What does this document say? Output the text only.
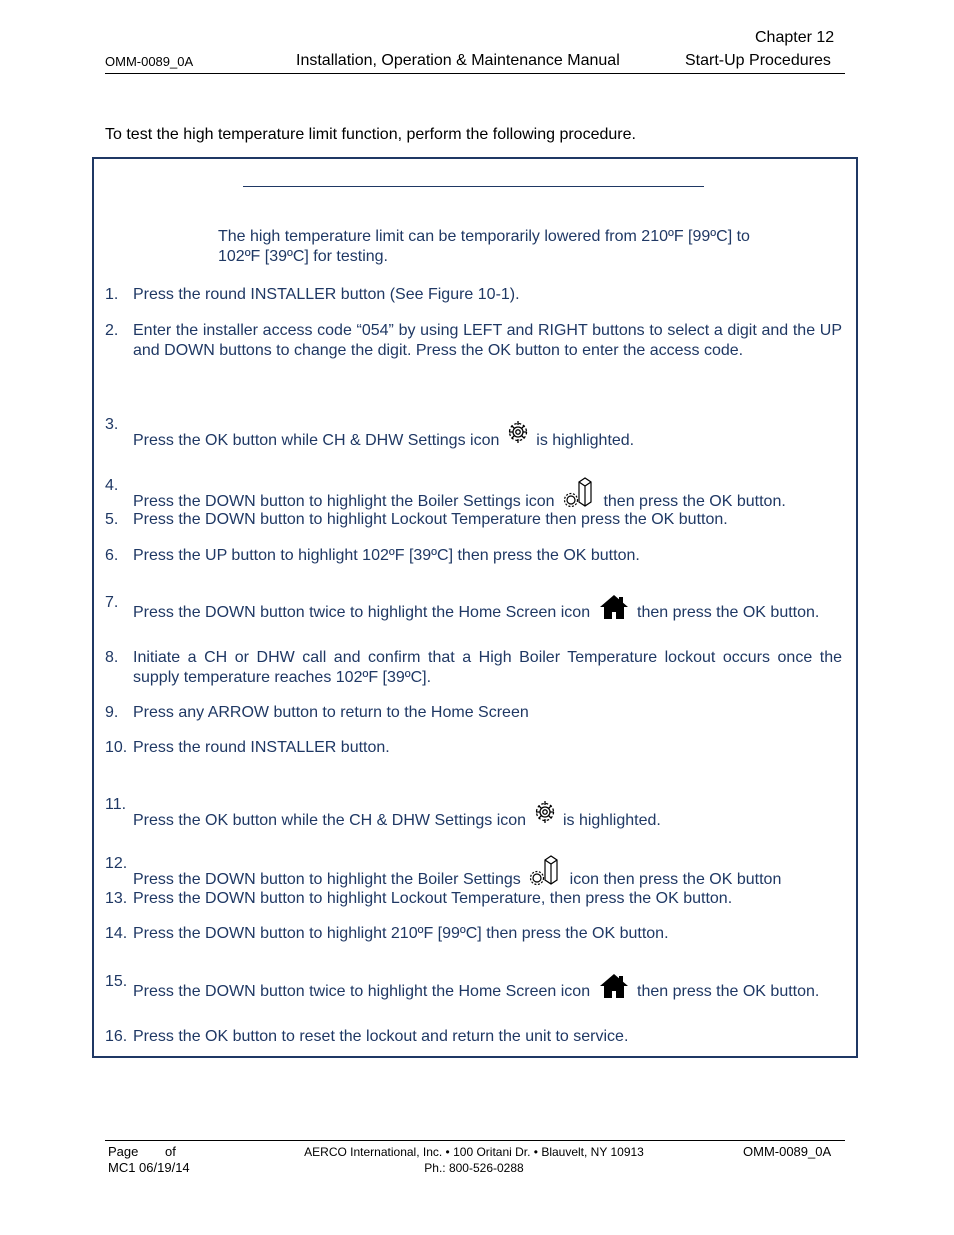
OMM-0089_0A	Installation, Operation & Maintenance Manual
Chapter 12
Start-Up Procedures
To test the high temperature limit function, perform the following procedure.
The high temperature limit can be temporarily lowered from 210ºF [99ºC] to 102ºF [39ºC] for testing.
1. Press the round INSTALLER button (See Figure 10-1).
2. Enter the installer access code “054” by using LEFT and RIGHT buttons to select a digit and the UP and DOWN buttons to change the digit. Press the OK button to enter the access code.
3.
Press the OK button while CH & DHW Settings icon is highlighted.
4.
Press the DOWN button to highlight the Boiler Settings icon	then press the OK button.
5. Press the DOWN button to highlight Lockout Temperature then press the OK button.
6. Press the UP button to highlight 102ºF [39ºC] then press the OK button.
7.
Press the DOWN button twice to highlight the Home Screen icon	then press the OK button.
8. Initiate a CH or DHW call and confirm that a High Boiler Temperature lockout occurs once the supply temperature reaches 102ºF [39ºC].
9. Press any ARROW button to return to the Home Screen
10. Press the round INSTALLER button.
11.
Press the OK button while the CH & DHW Settings icon is highlighted.
12.
Press the DOWN button to highlight the Boiler Settings	icon then press the OK button
13. Press the DOWN button to highlight Lockout Temperature, then press the OK button.
14. Press the DOWN button to highlight 210ºF [99ºC] then press the OK button.
15.
Press the DOWN button twice to highlight the Home Screen icon	then press the OK button.
16. Press the OK button to reset the lockout and return the unit to service.
Page of
MC1 06/19/14
AERCO International, Inc. • 100 Oritani Dr. • Blauvelt, NY 10913
Ph.: 800-526-0288
OMM-0089_0A
